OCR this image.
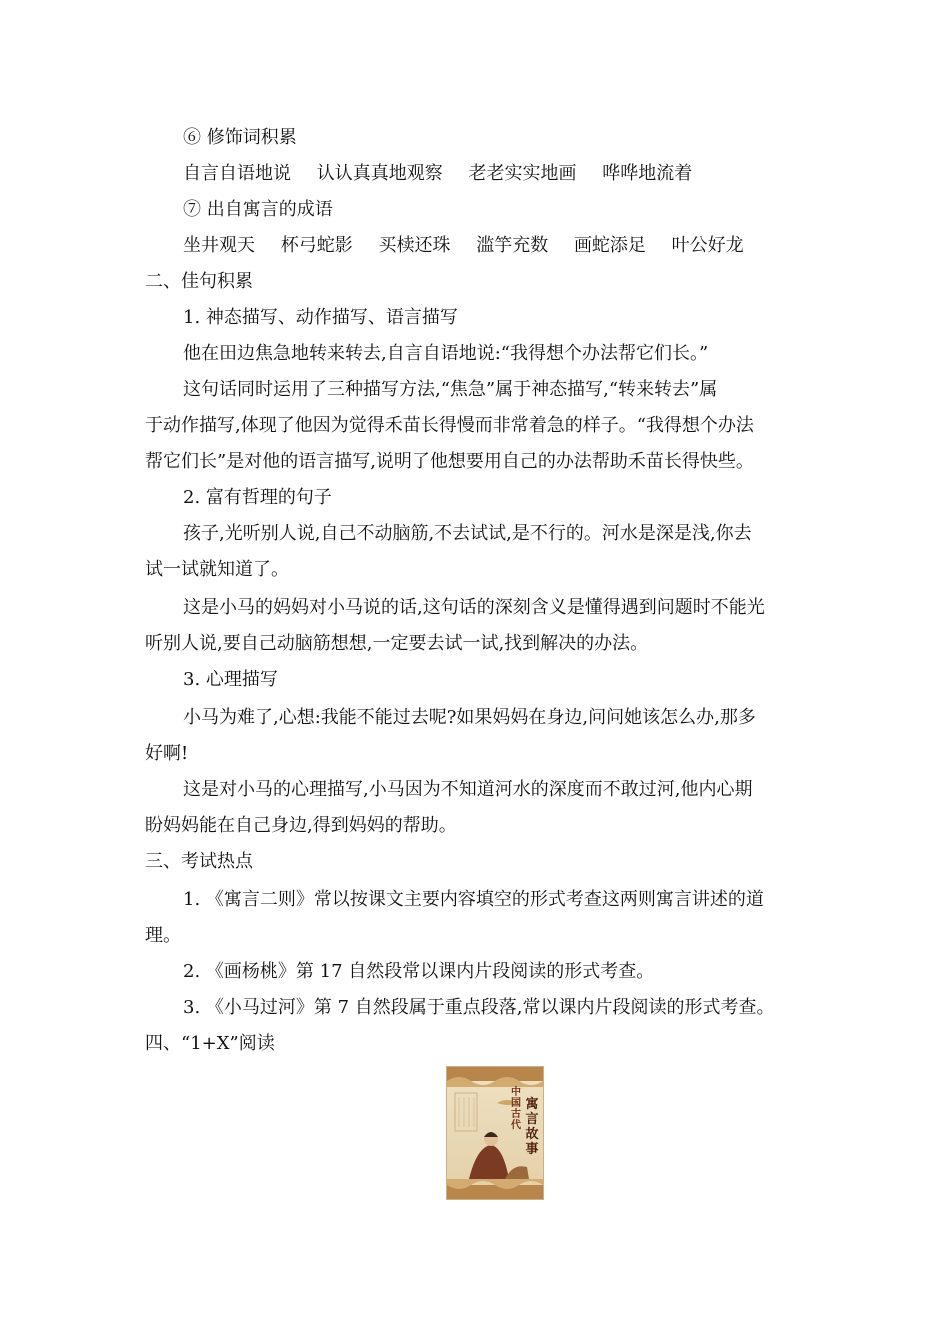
⑥ 修饰词积累
自言自语地说 认认真真地观察 老老实实地画 哗哗地流着
⑦ 出自寓言的成语
坐井观天 杯弓蛇影 买椟还珠 滥竽充数 画蛇添足 叶公好龙
二、佳句积累
1. 神态描写、动作描写、语言描写
他在田边焦急地转来转去,自言自语地说:“我得想个办法帮它们长。”
这句话同时运用了三种描写方法,“焦急”属于神态描写,“转来转去”属
于动作描写,体现了他因为觉得禾苗长得慢而非常着急的样子。“我得想个办法
帮它们长”是对他的语言描写,说明了他想要用自己的办法帮助禾苗长得快些。
2. 富有哲理的句子
孩子,光听别人说,自己不动脑筋,不去试试,是不行的。河水是深是浅,你去
试一试就知道了。
这是小马的妈妈对小马说的话,这句话的深刻含义是懂得遇到问题时不能光
听别人说,要自己动脑筋想想,一定要去试一试,找到解决的办法。
3. 心理描写
小马为难了,心想:我能不能过去呢?如果妈妈在身边,问问她该怎么办,那多
好啊!
这是对小马的心理描写,小马因为不知道河水的深度而不敢过河,他内心期
盼妈妈能在自己身边,得到妈妈的帮助。
三、考试热点
1. 《寓言二则》常以按课文主要内容填空的形式考查这两则寓言讲述的道
理。
2. 《画杨桃》第 17 自然段常以课内片段阅读的形式考查。
3. 《小马过河》第 7 自然段属于重点段落,常以课内片段阅读的形式考查。
四、“1+X”阅读
中国古代
寓言故事
